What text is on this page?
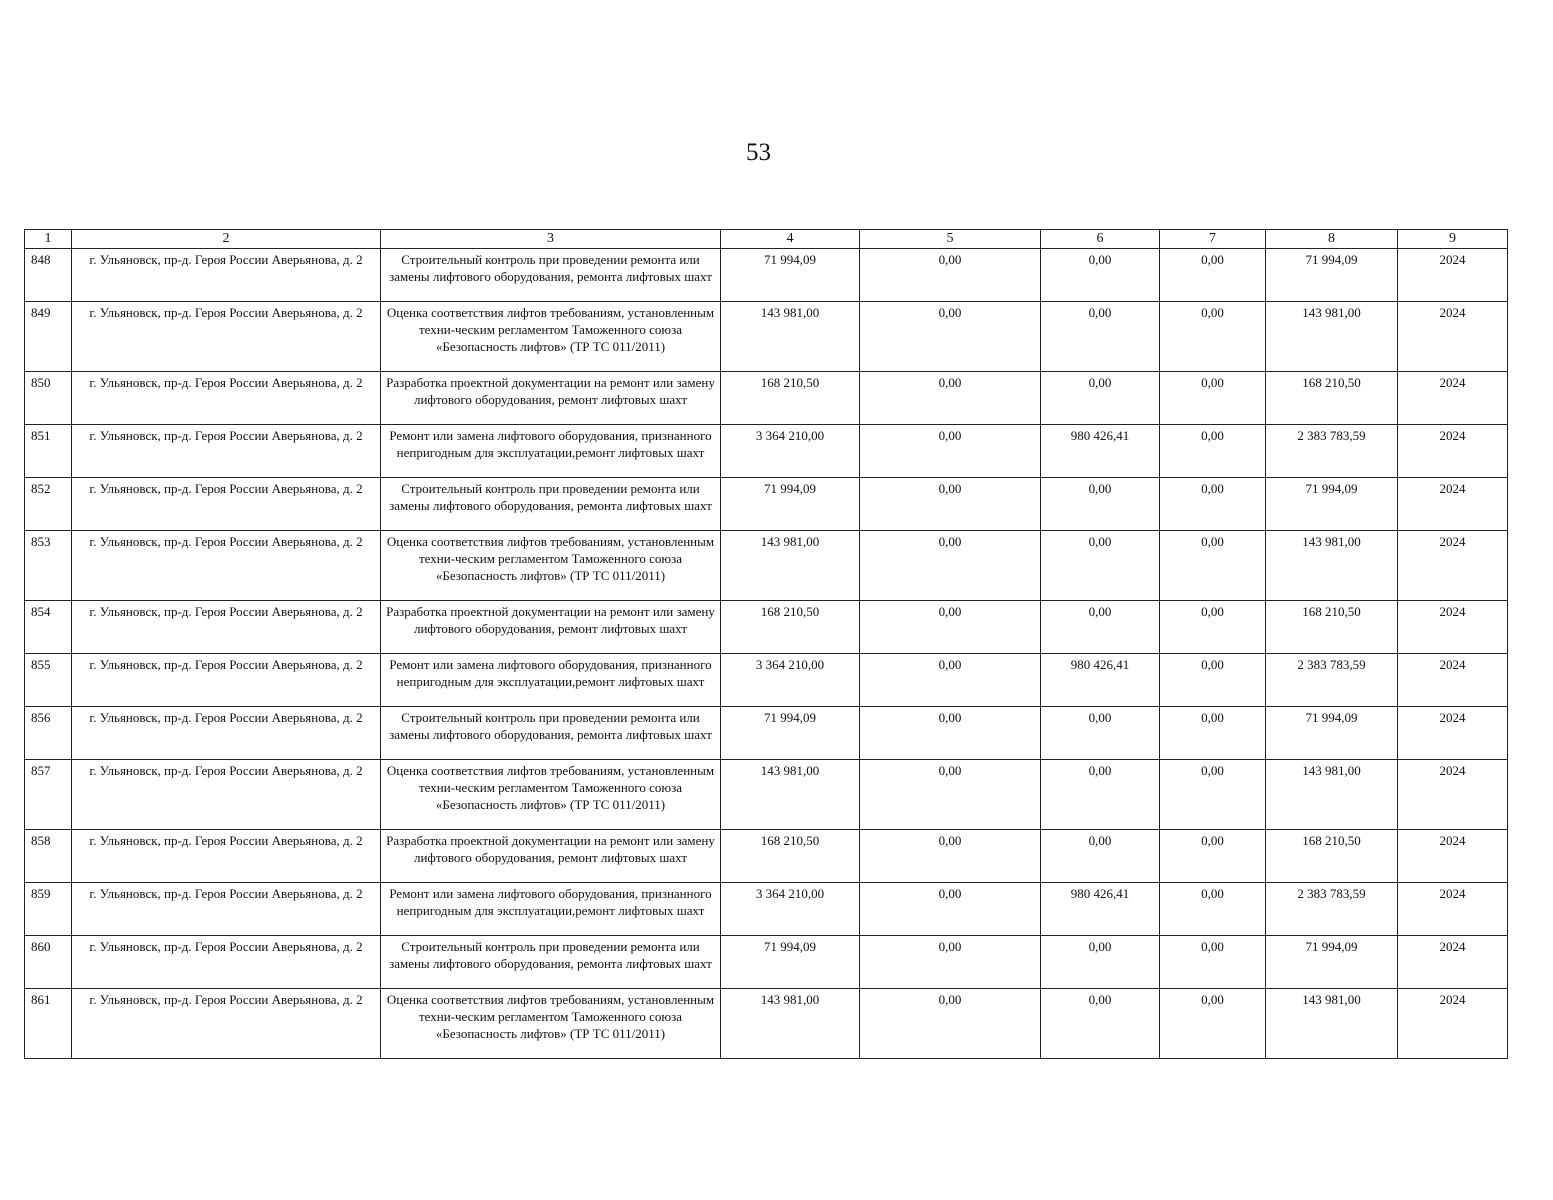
53
1	2	3	4	5	6	7	8	9
848	г. Ульяновск, пр-д. Героя России Аверьянова, д. 2	Строительный контроль при проведении ремонта или замены лифтового оборудования, ремонта лифтовых шахт	71 994,09	0,00	0,00	0,00	71 994,09	2024
849	г. Ульяновск, пр-д. Героя России Аверьянова, д. 2	Оценка соответствия лифтов требованиям, установленным техни-ческим регламентом Таможенного союза «Безопасность лифтов» (ТР ТС 011/2011)	143 981,00	0,00	0,00	0,00	143 981,00	2024
850	г. Ульяновск, пр-д. Героя России Аверьянова, д. 2	Разработка проектной документации на ремонт или замену лифтового оборудования, ремонт лифтовых шахт	168 210,50	0,00	0,00	0,00	168 210,50	2024
851	г. Ульяновск, пр-д. Героя России Аверьянова, д. 2	Ремонт или замена лифтового оборудования, признанного непригодным для эксплуатации,ремонт лифтовых шахт	3 364 210,00	0,00	980 426,41	0,00	2 383 783,59	2024
852	г. Ульяновск, пр-д. Героя России Аверьянова, д. 2	Строительный контроль при проведении ремонта или замены лифтового оборудования, ремонта лифтовых шахт	71 994,09	0,00	0,00	0,00	71 994,09	2024
853	г. Ульяновск, пр-д. Героя России Аверьянова, д. 2	Оценка соответствия лифтов требованиям, установленным техни-ческим регламентом Таможенного союза «Безопасность лифтов» (ТР ТС 011/2011)	143 981,00	0,00	0,00	0,00	143 981,00	2024
854	г. Ульяновск, пр-д. Героя России Аверьянова, д. 2	Разработка проектной документации на ремонт или замену лифтового оборудования, ремонт лифтовых шахт	168 210,50	0,00	0,00	0,00	168 210,50	2024
855	г. Ульяновск, пр-д. Героя России Аверьянова, д. 2	Ремонт или замена лифтового оборудования, признанного непригодным для эксплуатации,ремонт лифтовых шахт	3 364 210,00	0,00	980 426,41	0,00	2 383 783,59	2024
856	г. Ульяновск, пр-д. Героя России Аверьянова, д. 2	Строительный контроль при проведении ремонта или замены лифтового оборудования, ремонта лифтовых шахт	71 994,09	0,00	0,00	0,00	71 994,09	2024
857	г. Ульяновск, пр-д. Героя России Аверьянова, д. 2	Оценка соответствия лифтов требованиям, установленным техни-ческим регламентом Таможенного союза «Безопасность лифтов» (ТР ТС 011/2011)	143 981,00	0,00	0,00	0,00	143 981,00	2024
858	г. Ульяновск, пр-д. Героя России Аверьянова, д. 2	Разработка проектной документации на ремонт или замену лифтового оборудования, ремонт лифтовых шахт	168 210,50	0,00	0,00	0,00	168 210,50	2024
859	г. Ульяновск, пр-д. Героя России Аверьянова, д. 2	Ремонт или замена лифтового оборудования, признанного непригодным для эксплуатации,ремонт лифтовых шахт	3 364 210,00	0,00	980 426,41	0,00	2 383 783,59	2024
860	г. Ульяновск, пр-д. Героя России Аверьянова, д. 2	Строительный контроль при проведении ремонта или замены лифтового оборудования, ремонта лифтовых шахт	71 994,09	0,00	0,00	0,00	71 994,09	2024
861	г. Ульяновск, пр-д. Героя России Аверьянова, д. 2	Оценка соответствия лифтов требованиям, установленным техни-ческим регламентом Таможенного союза «Безопасность лифтов» (ТР ТС 011/2011)	143 981,00	0,00	0,00	0,00	143 981,00	2024
